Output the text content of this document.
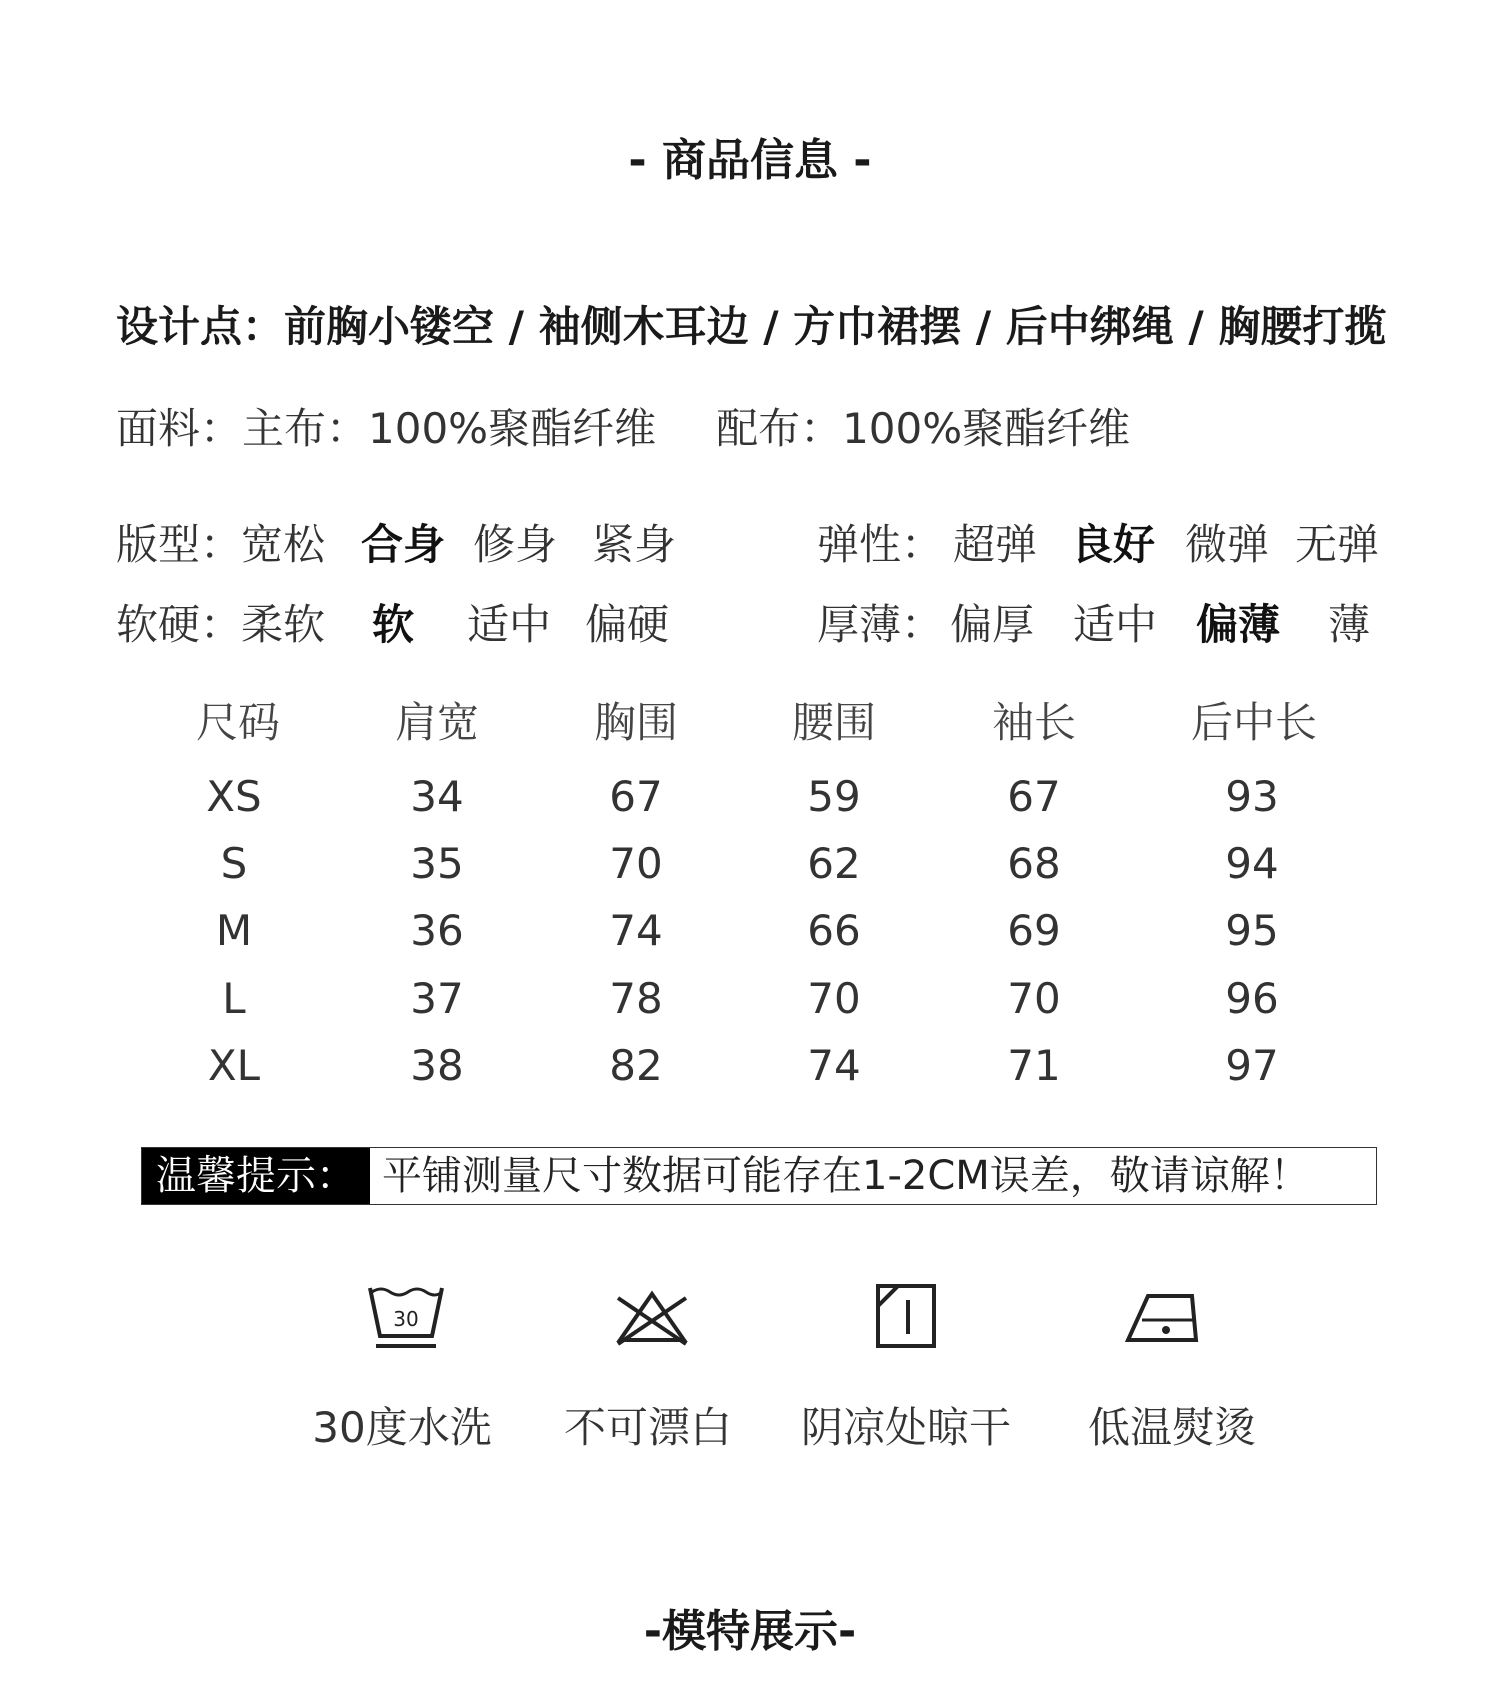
- 商品信息 -
设计点：前胸小镂空 / 袖侧木耳边 / 方巾裙摆 / 后中绑绳 / 胸腰打揽
面料：主布：100%聚酯纤维 配布：100%聚酯纤维
版型：
宽松 合身 修身 紧身	弹性： 超弹 良好 微弹 无弹
软硬：
柔软 软 适中 偏硬	厚薄： 偏厚 适中 偏薄 薄
尺码	肩宽	胸围	腰围	袖长	后中长
XS	34	67	59	67	93
S	35	70	62	68	94
M	36	74	66	69	95
L	37	78	70	70	96
XL	38	82	74	71	97
温馨提示： 平铺测量尺寸数据可能存在1-2CM误差，敬请谅解！
30
30度水洗	不可漂白	阴凉处晾干	低温熨烫
-模特展示-
